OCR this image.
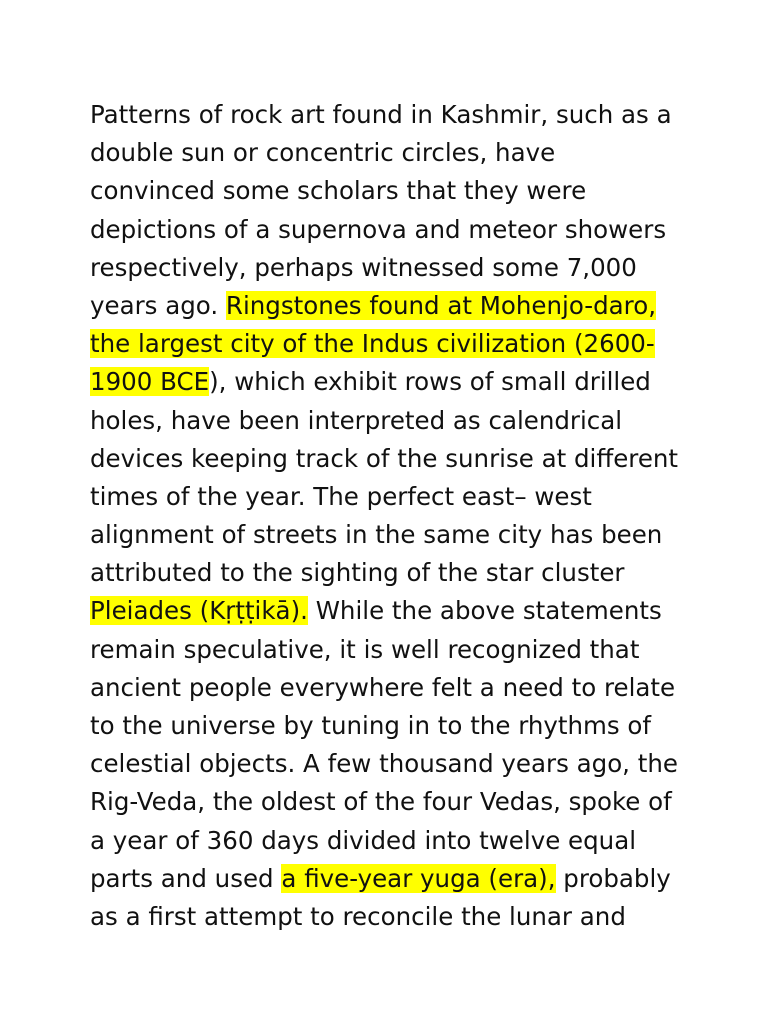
Patterns of rock art found in Kashmir, such as a
double sun or concentric circles, have
convinced some scholars that they were
depictions of a supernova and meteor showers
respectively, perhaps witnessed some 7,000
years ago. Ringstones found at Mohenjo-daro,
the largest city of the Indus civilization (2600-
1900 BCE), which exhibit rows of small drilled
holes, have been interpreted as calendrical
devices keeping track of the sunrise at different
times of the year. The perfect east– west
alignment of streets in the same city has been
attributed to the sighting of the star cluster
Pleiades (Kṛṭṭikā). While the above statements
remain speculative, it is well recognized that
ancient people everywhere felt a need to relate
to the universe by tuning in to the rhythms of
celestial objects. A few thousand years ago, the
Rig-Veda, the oldest of the four Vedas, spoke of
a year of 360 days divided into twelve equal
parts and used a five-year yuga (era), probably
as a first attempt to reconcile the lunar and
